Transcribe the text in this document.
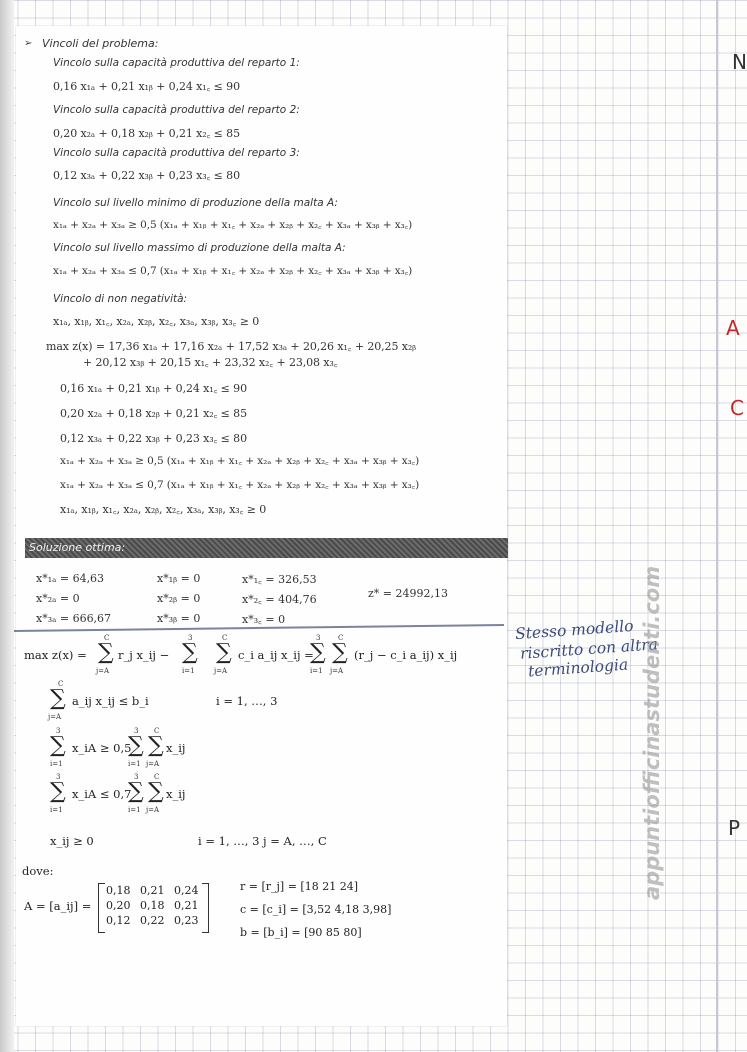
N
A
C
P
➢ Vincoli del problema:
Vincolo sulla capacità produttiva del reparto 1:
0,16 x₁ₐ + 0,21 x₁ᵦ + 0,24 x₁꜀ ≤ 90
Vincolo sulla capacità produttiva del reparto 2:
0,20 x₂ₐ + 0,18 x₂ᵦ + 0,21 x₂꜀ ≤ 85
Vincolo sulla capacità produttiva del reparto 3:
0,12 x₃ₐ + 0,22 x₃ᵦ + 0,23 x₃꜀ ≤ 80
Vincolo sul livello minimo di produzione della malta A:
x₁ₐ + x₂ₐ + x₃ₐ ≥ 0,5 (x₁ₐ + x₁ᵦ + x₁꜀ + x₂ₐ + x₂ᵦ + x₂꜀ + x₃ₐ + x₃ᵦ + x₃꜀)
Vincolo sul livello massimo di produzione della malta A:
x₁ₐ + x₂ₐ + x₃ₐ ≤ 0,7 (x₁ₐ + x₁ᵦ + x₁꜀ + x₂ₐ + x₂ᵦ + x₂꜀ + x₃ₐ + x₃ᵦ + x₃꜀)
Vincolo di non negatività:
x₁ₐ, x₁ᵦ, x₁꜀, x₂ₐ, x₂ᵦ, x₂꜀, x₃ₐ, x₃ᵦ, x₃꜀ ≥ 0
max z(x) = 17,36 x₁ₐ + 17,16 x₂ₐ + 17,52 x₃ₐ + 20,26 x₁꜀ + 20,25 x₂ᵦ
+ 20,12 x₃ᵦ + 20,15 x₁꜀ + 23,32 x₂꜀ + 23,08 x₃꜀
0,16 x₁ₐ + 0,21 x₁ᵦ + 0,24 x₁꜀ ≤ 90
0,20 x₂ₐ + 0,18 x₂ᵦ + 0,21 x₂꜀ ≤ 85
0,12 x₃ₐ + 0,22 x₃ᵦ + 0,23 x₃꜀ ≤ 80
x₁ₐ + x₂ₐ + x₃ₐ ≥ 0,5 (x₁ₐ + x₁ᵦ + x₁꜀ + x₂ₐ + x₂ᵦ + x₂꜀ + x₃ₐ + x₃ᵦ + x₃꜀)
x₁ₐ + x₂ₐ + x₃ₐ ≤ 0,7 (x₁ₐ + x₁ᵦ + x₁꜀ + x₂ₐ + x₂ᵦ + x₂꜀ + x₃ₐ + x₃ᵦ + x₃꜀)
x₁ₐ, x₁ᵦ, x₁꜀, x₂ₐ, x₂ᵦ, x₂꜀, x₃ₐ, x₃ᵦ, x₃꜀ ≥ 0
Soluzione ottima:
x*₁ₐ = 64,63	x*₁ᵦ = 0	x*₁꜀ = 326,53
x*₂ₐ = 0	x*₂ᵦ = 0	x*₂꜀ = 404,76	z* = 24992,13
x*₃ₐ = 666,67	x*₃ᵦ = 0	x*₃꜀ = 0
max z(x) =
C
∑
j=A
r_j x_ij −
3
∑
i=1
C
∑
j=A
c_i a_ij x_ij =
3
∑
i=1
C
∑
j=A
(r_j − c_i a_ij) x_ij
C
∑
j=A
a_ij x_ij ≤ b_i	i = 1, …, 3
3
∑
i=1
x_iA ≥ 0,5
3
∑
i=1
C
∑
j=A
x_ij
3
∑
i=1
x_iA ≤ 0,7
3
∑
i=1
C
∑
j=A
x_ij
x_ij ≥ 0	i = 1, …, 3 j = A, …, C
dove:
A = [a_ij] =
0,18 0,21 0,24
0,20 0,18 0,21
0,12 0,22 0,23
r = [r_j] = [18 21 24]
c = [c_i] = [3,52 4,18 3,98]
b = [b_i] = [90 85 80]
Stesso modello
riscritto con altra
terminologia appuntiofficinastudenti.com
